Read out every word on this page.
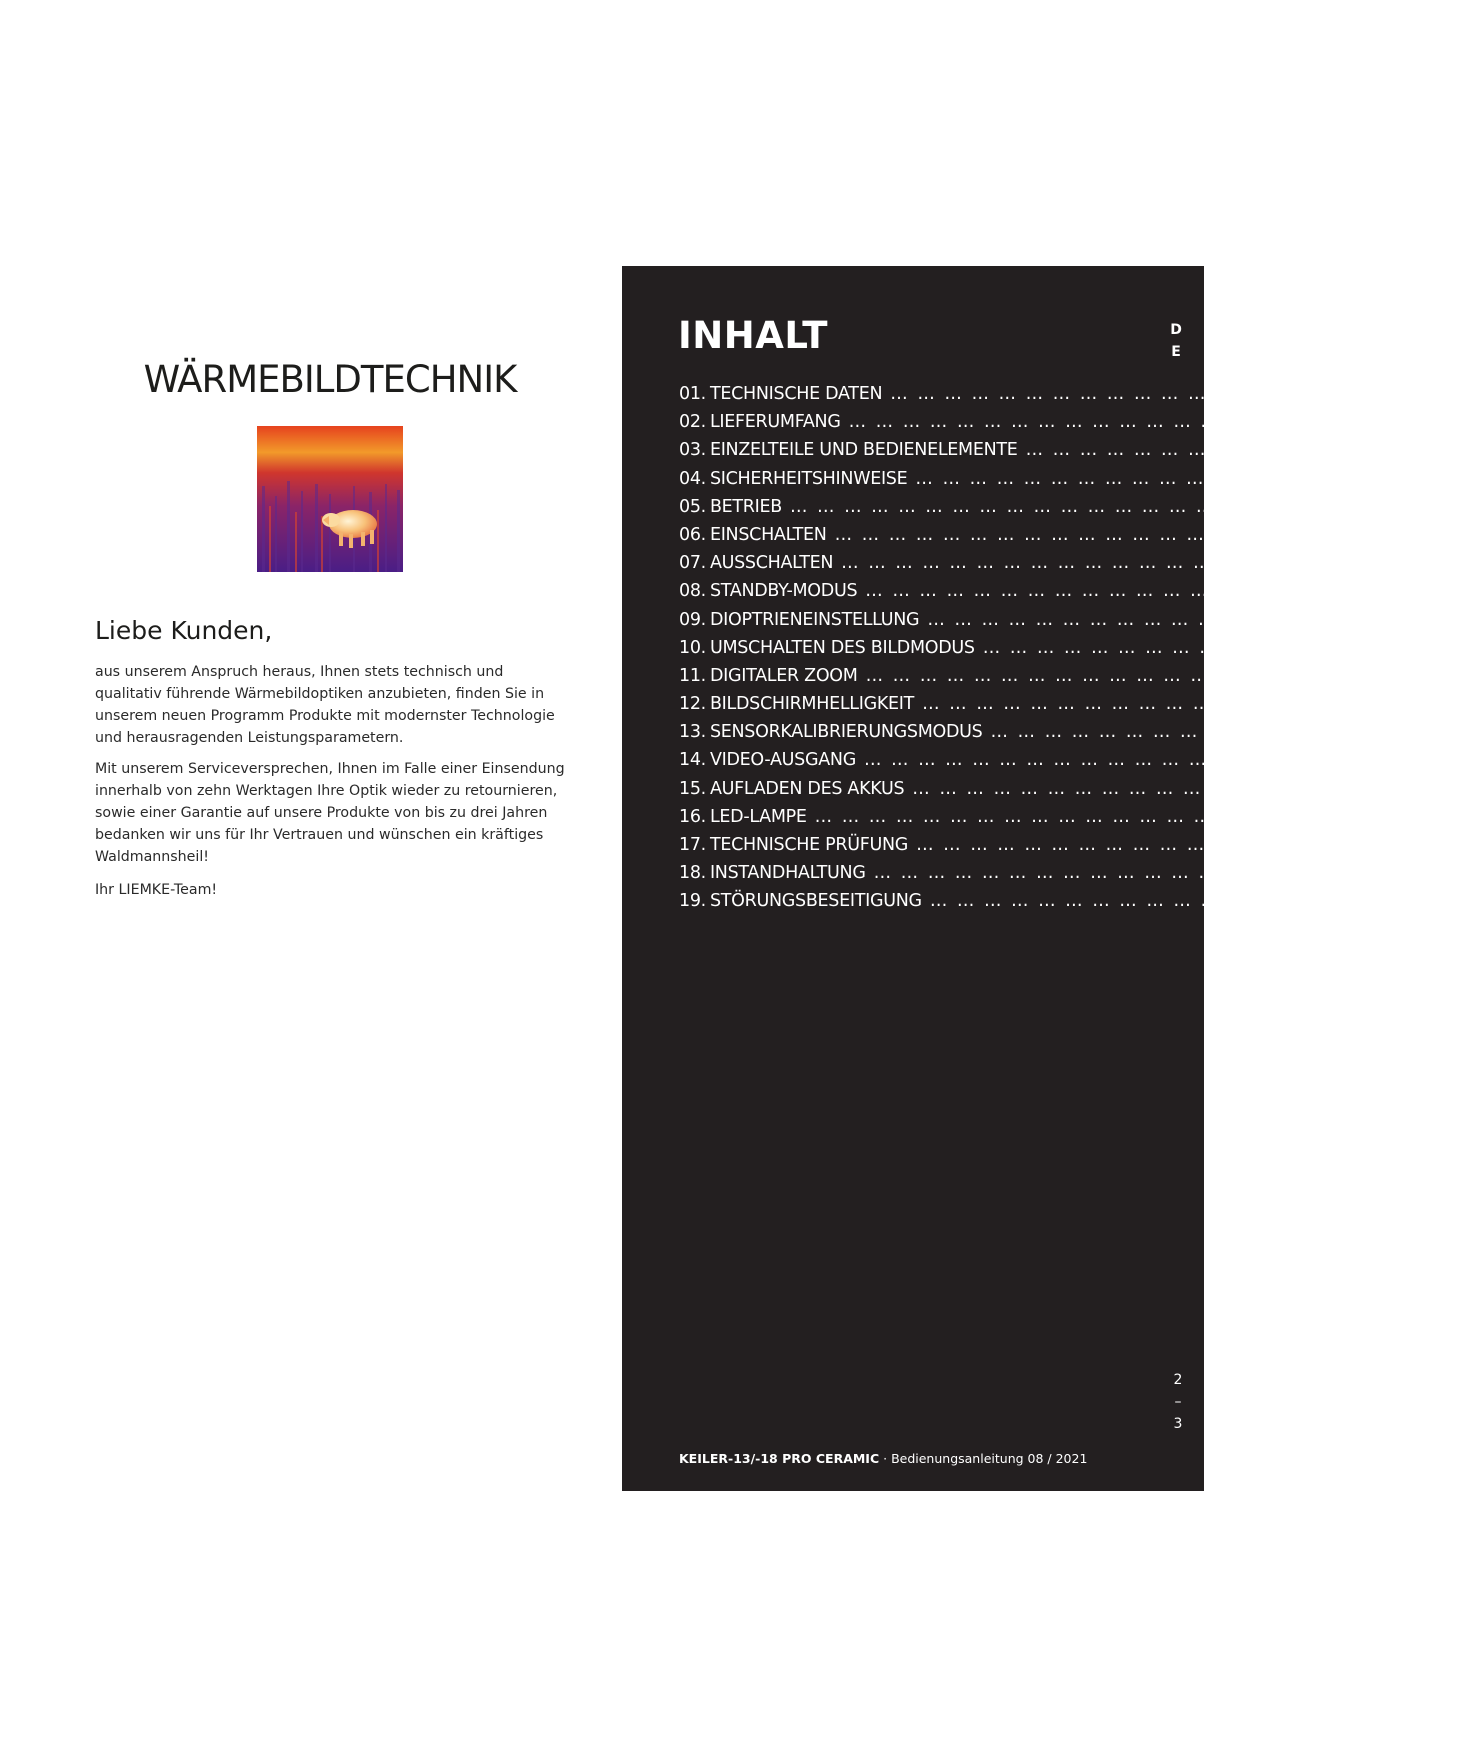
WÄRMEBILDTECHNIK
Liebe Kunden,

aus unserem Anspruch heraus, Ihnen stets technisch und qualitativ führende Wärmebildoptiken anzubieten, finden Sie in unserem neuen Programm Produkte mit modernster Technologie und herausragenden Leistungsparametern.

Mit unserem Serviceversprechen, Ihnen im Falle einer Einsendung innerhalb von zehn Werktagen Ihre Optik wieder zu retournieren, sowie einer Garantie auf unsere Produkte von bis zu drei Jahren bedanken wir uns für Ihr Vertrauen und wünschen ein kräftiges Waldmannsheil!

Ihr LIEMKE-Team!

INHALT	D
E
01. TECHNISCHE DATEN … … … … … … … … … … … … … … … … 4
02. LIEFERUMFANG … … … … … … … … … … … … … … … … 4
03. EINZELTEILE UND BEDIENELEMENTE … … … … … … … … … … … … … … … … 4
04. SICHERHEITSHINWEISE … … … … … … … … … … … … … … … … 5
05. BETRIEB … … … … … … … … … … … … … … … … 5
06. EINSCHALTEN … … … … … … … … … … … … … … … … 6
07. AUSSCHALTEN … … … … … … … … … … … … … … … … 6
08. STANDBY-MODUS … … … … … … … … … … … … … … … … 6
09. DIOPTRIENEINSTELLUNG … … … … … … … … … … … … … … … … 6
10. UMSCHALTEN DES BILDMODUS … … … … … … … … … … … … … … … … 6
11. DIGITALER ZOOM … … … … … … … … … … … … … … … … 6
12. BILDSCHIRMHELLIGKEIT … … … … … … … … … … … … … … … … 7
13. SENSORKALIBRIERUNGSMODUS … … … … … … … … … … … … … … … … 7
14. VIDEO-AUSGANG … … … … … … … … … … … … … … … … 7
15. AUFLADEN DES AKKUS … … … … … … … … … … … … … … … … 7
16. LED-LAMPE … … … … … … … … … … … … … … … … 8
17. TECHNISCHE PRÜFUNG … … … … … … … … … … … … … … … … 8
18. INSTANDHALTUNG … … … … … … … … … … … … … … … … 8
19. STÖRUNGSBESEITIGUNG … … … … … … … … … … … … … … … … 9
2
–
3
KEILER-13/-18 PRO CERAMIC · Bedienungsanleitung 08 / 2021
